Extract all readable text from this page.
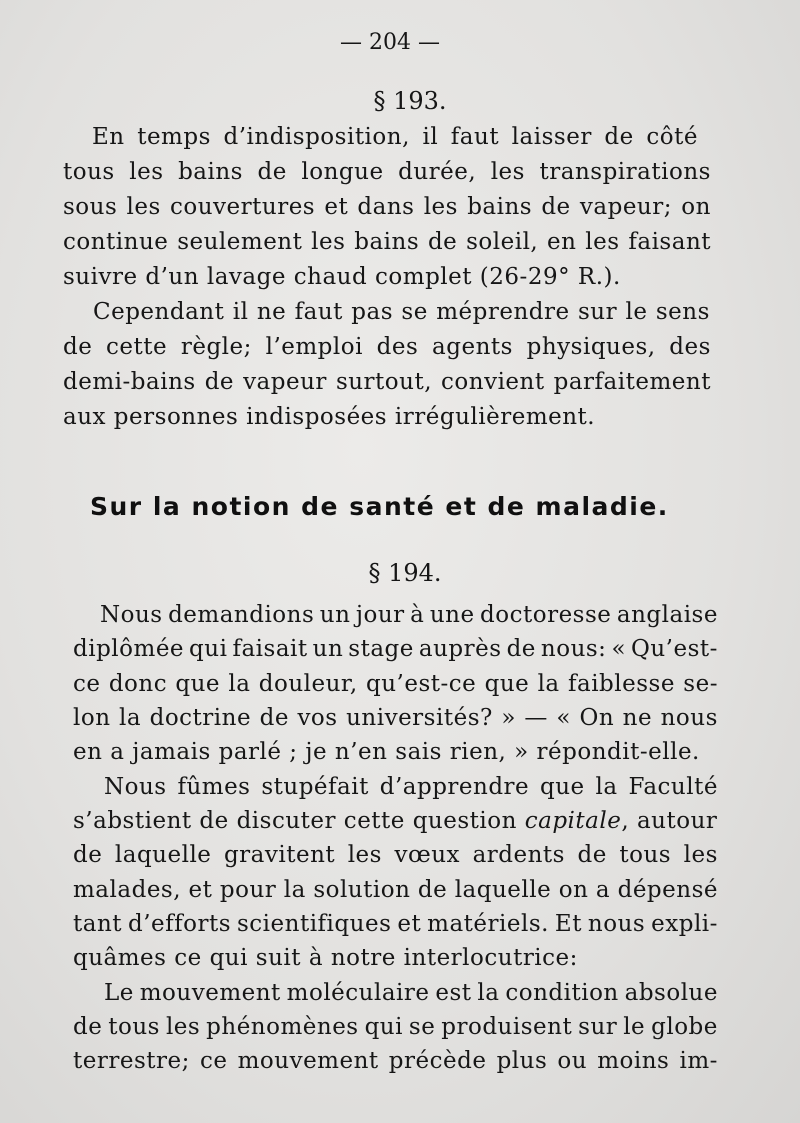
— 204 —
§ 193.
En temps d’indisposition, il faut laisser de côté
tous les bains de longue durée, les transpirations
sous les couvertures et dans les bains de vapeur; on
continue seulement les bains de soleil, en les faisant
suivre d’un lavage chaud complet (26-29° R.).
Cependant il ne faut pas se méprendre sur le sens
de cette règle; l’emploi des agents physiques, des
demi-bains de vapeur surtout, convient parfaitement
aux personnes indisposées irrégulièrement.
Sur la notion de santé et de maladie.
§ 194.
Nous demandions un jour à une doctoresse anglaise
diplômée qui faisait un stage auprès de nous: « Qu’est-
ce donc que la douleur, qu’est-ce que la faiblesse se-
lon la doctrine de vos universités? » — « On ne nous
en a jamais parlé ; je n’en sais rien, » répondit-elle.
Nous fûmes stupéfait d’apprendre que la Faculté
s’abstient de discuter cette question capitale, autour
de laquelle gravitent les vœux ardents de tous les
malades, et pour la solution de laquelle on a dépensé
tant d’efforts scientifiques et matériels. Et nous expli-
quâmes ce qui suit à notre interlocutrice:
Le mouvement moléculaire est la condition absolue
de tous les phénomènes qui se produisent sur le globe
terrestre; ce mouvement précède plus ou moins im-
